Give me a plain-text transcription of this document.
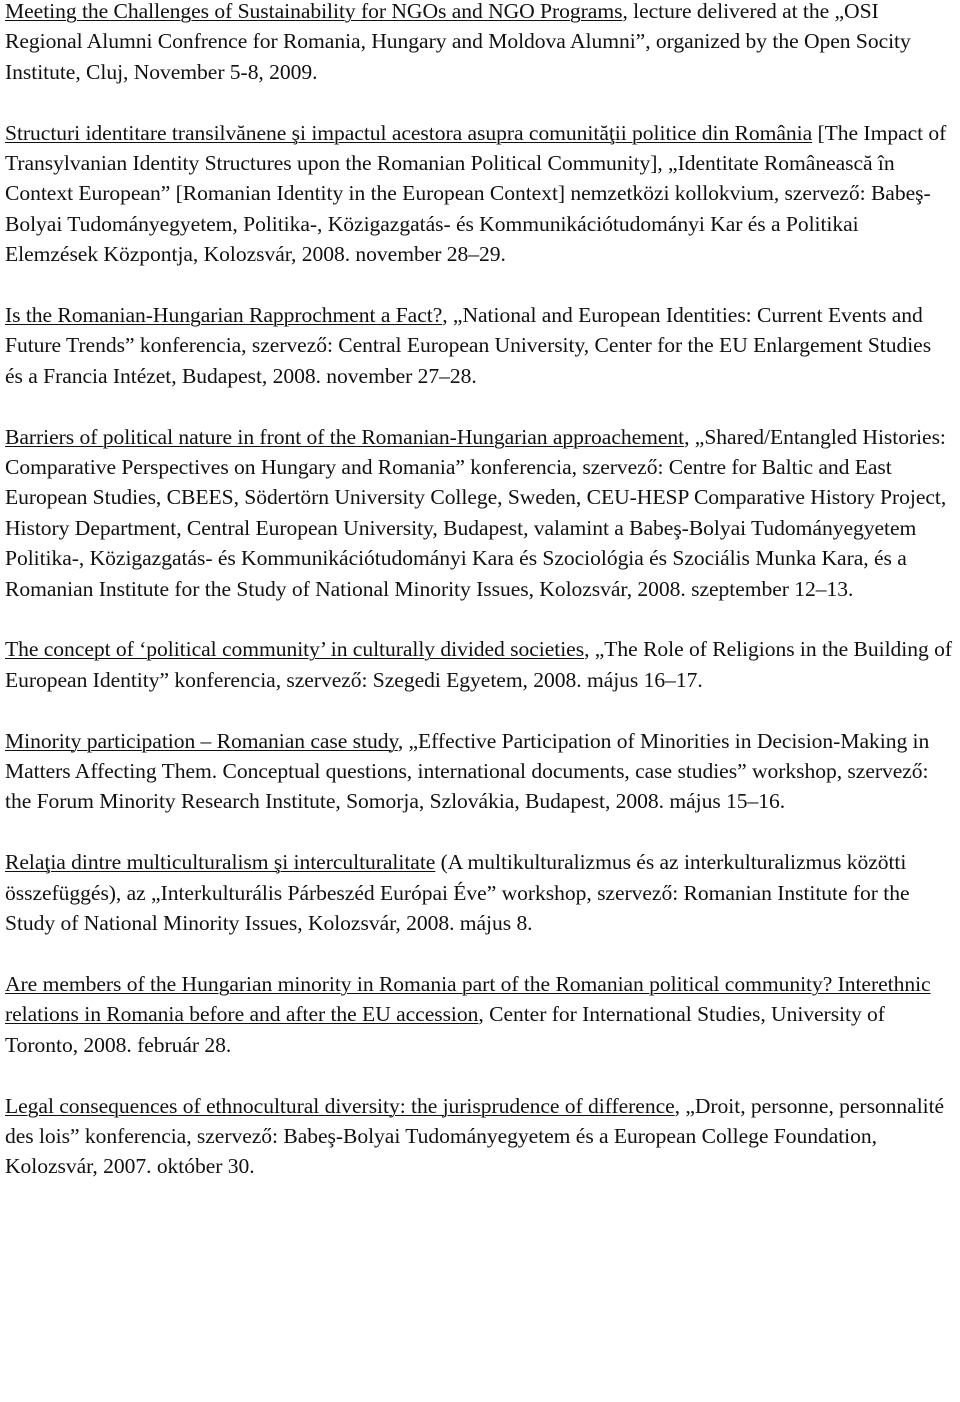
Meeting the Challenges of Sustainability for NGOs and NGO Programs, lecture delivered at the „OSI Regional Alumni Confrence for Romania, Hungary and Moldova Alumni”, organized by the Open Socity Institute, Cluj, November 5-8, 2009.

Structuri identitare transilvănene şi impactul acestora asupra comunităţii politice din România [The Impact of Transylvanian Identity Structures upon the Romanian Political Community], „Identitate Românească în Context European” [Romanian Identity in the European Context] nemzetközi kollokvium, szervező: Babeş-Bolyai Tudományegyetem, Politika-, Közigazgatás- és Kommunikációtudományi Kar és a Politikai Elemzések Központja, Kolozsvár, 2008. november 28–29.

Is the Romanian-Hungarian Rapprochment a Fact?, „National and European Identities: Current Events and Future Trends” konferencia, szervező: Central European University, Center for the EU Enlargement Studies és a Francia Intézet, Budapest, 2008. november 27–28.

Barriers of political nature in front of the Romanian-Hungarian approachement, „Shared/Entangled Histories: Comparative Perspectives on Hungary and Romania” konferencia, szervező: Centre for Baltic and East European Studies, CBEES, Södertörn University College, Sweden, CEU-HESP Comparative History Project, History Department, Central European University, Budapest, valamint a Babeş-Bolyai Tudományegyetem Politika-, Közigazgatás- és Kommunikációtudományi Kara és Szociológia és Szociális Munka Kara, és a Romanian Institute for the Study of National Minority Issues, Kolozsvár, 2008. szeptember 12–13.

The concept of ‘political community’ in culturally divided societies, „The Role of Religions in the Building of European Identity” konferencia, szervező: Szegedi Egyetem, 2008. május 16–17.

Minority participation – Romanian case study, „Effective Participation of Minorities in Decision-Making in Matters Affecting Them. Conceptual questions, international documents, case studies” workshop, szervező: the Forum Minority Research Institute, Somorja, Szlovákia, Budapest, 2008. május 15–16.

Relaţia dintre multiculturalism şi interculturalitate (A multikulturalizmus és az interkulturalizmus közötti összefüggés), az „Interkulturális Párbeszéd Európai Éve” workshop, szervező: Romanian Institute for the Study of National Minority Issues, Kolozsvár, 2008. május 8.

Are members of the Hungarian minority in Romania part of the Romanian political community? Interethnic relations in Romania before and after the EU accession, Center for International Studies, University of Toronto, 2008. február 28.

Legal consequences of ethnocultural diversity: the jurisprudence of difference, „Droit, personne, personnalité des lois” konferencia, szervező: Babeş-Bolyai Tudományegyetem és a European College Foundation, Kolozsvár, 2007. október 30.
